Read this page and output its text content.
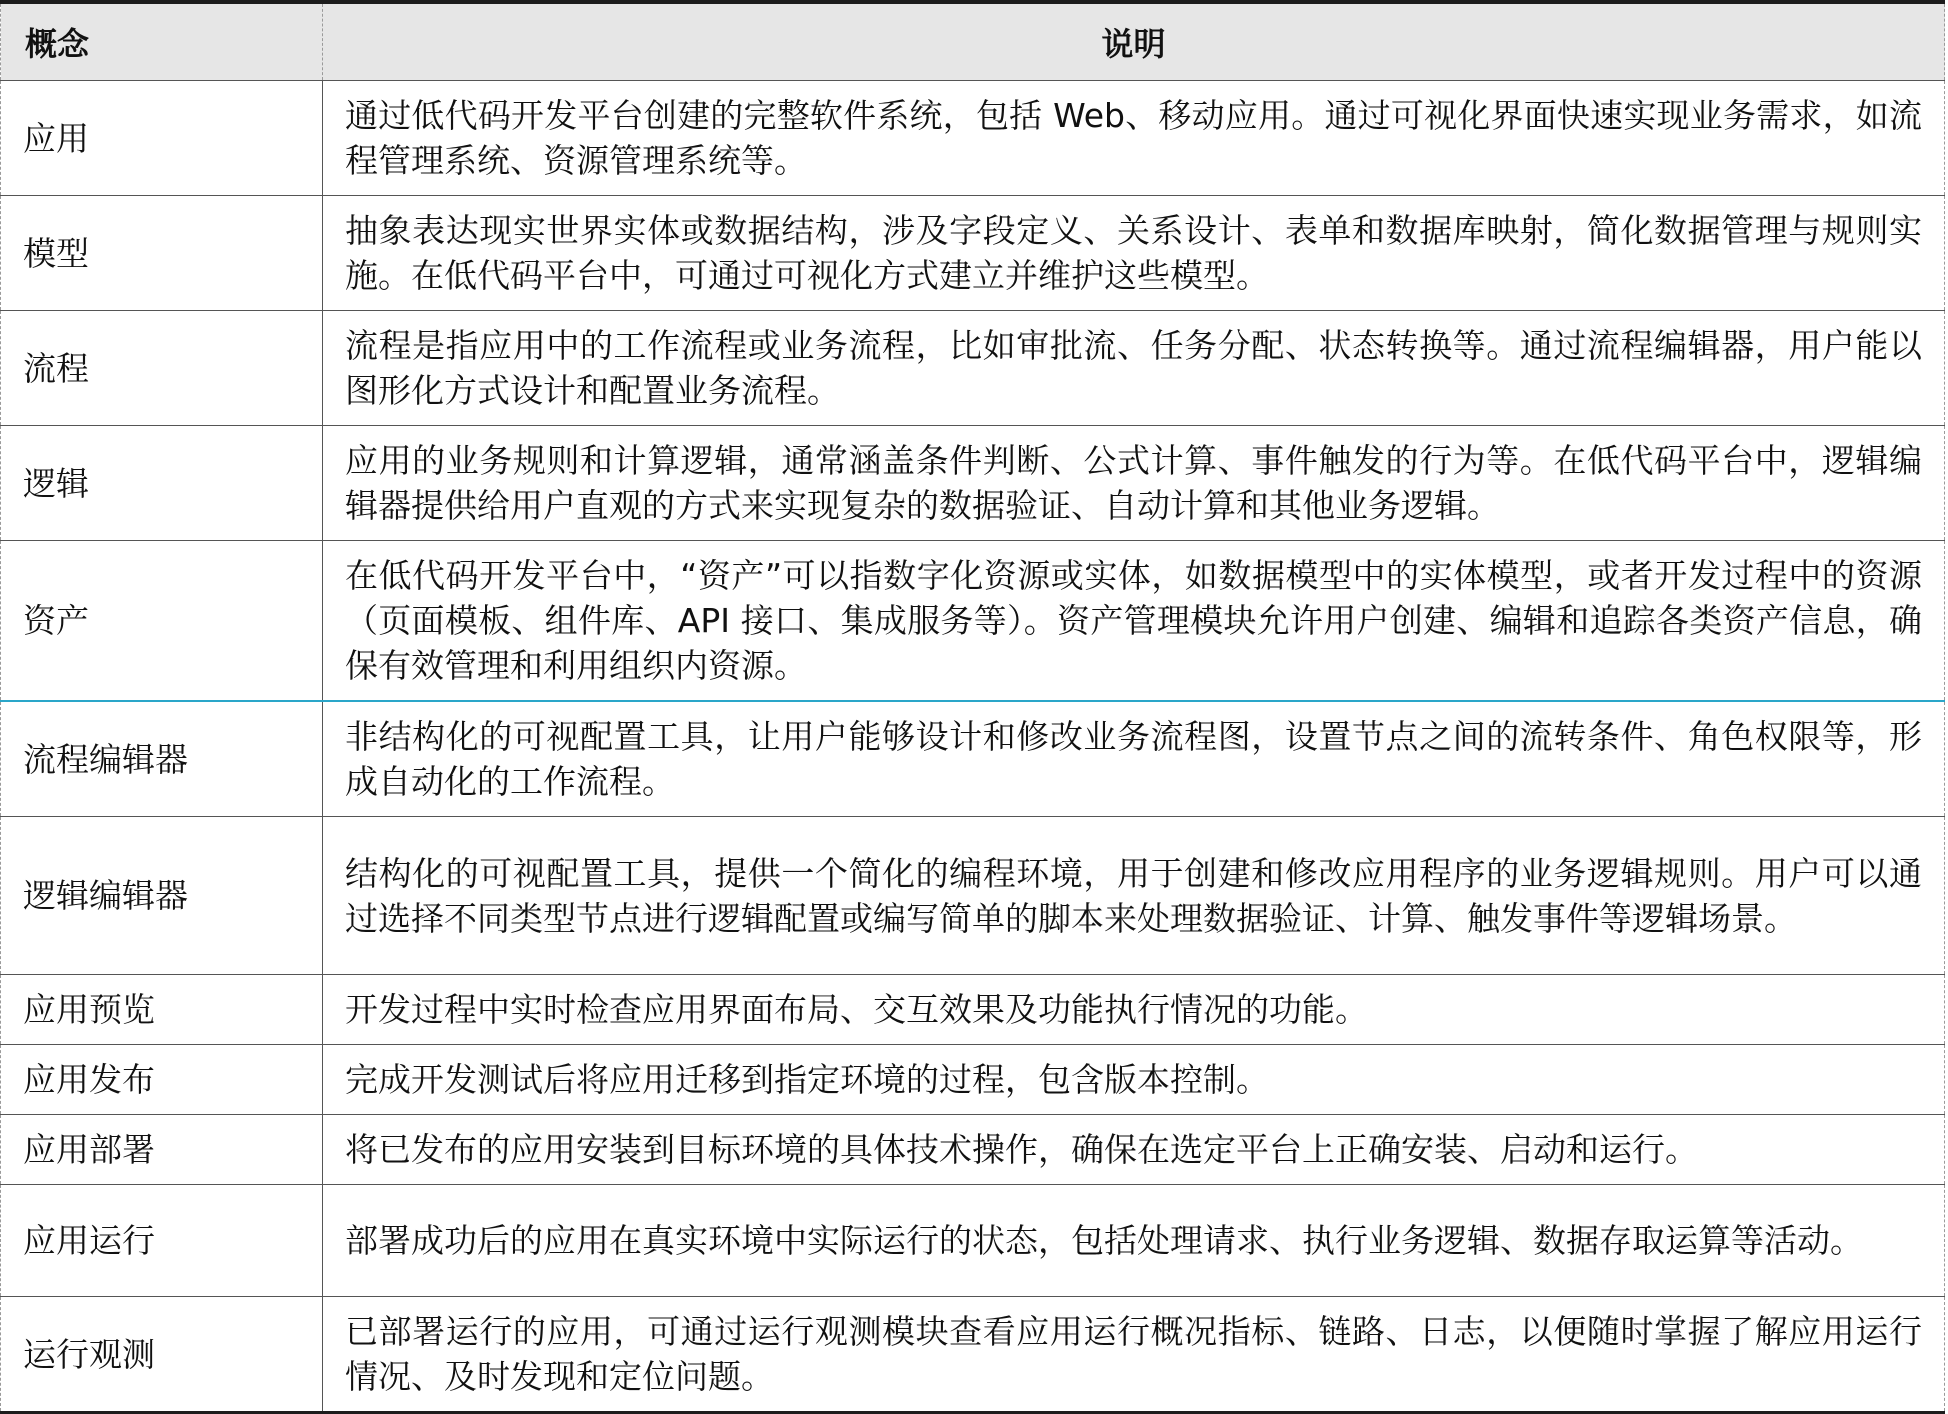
概念	说明
应用	通过低代码开发平台创建的完整软件系统，包括 Web、移动应用。通过可视化界面快速实现业务需求，如流程管理系统、资源管理系统等。
模型	抽象表达现实世界实体或数据结构，涉及字段定义、关系设计、表单和数据库映射，简化数据管理与规则实施。在低代码平台中，可通过可视化方式建立并维护这些模型。
流程	流程是指应用中的工作流程或业务流程，比如审批流、任务分配、状态转换等。通过流程编辑器，用户能以图形化方式设计和配置业务流程。
逻辑	应用的业务规则和计算逻辑，通常涵盖条件判断、公式计算、事件触发的行为等。在低代码平台中，逻辑编辑器提供给用户直观的方式来实现复杂的数据验证、自动计算和其他业务逻辑。
资产	在低代码开发平台中，“资产”可以指数字化资源或实体，如数据模型中的实体模型，或者开发过程中的资源（页面模板、组件库、API 接口、集成服务等）。资产管理模块允许用户创建、编辑和追踪各类资产信息，确保有效管理和利用组织内资源。
流程编辑器	非结构化的可视配置工具，让用户能够设计和修改业务流程图，设置节点之间的流转条件、角色权限等，形成自动化的工作流程。
逻辑编辑器	结构化的可视配置工具，提供一个简化的编程环境，用于创建和修改应用程序的业务逻辑规则。用户可以通过选择不同类型节点进行逻辑配置或编写简单的脚本来处理数据验证、计算、触发事件等逻辑场景。
应用预览	开发过程中实时检查应用界面布局、交互效果及功能执行情况的功能。
应用发布	完成开发测试后将应用迁移到指定环境的过程，包含版本控制。
应用部署	将已发布的应用安装到目标环境的具体技术操作，确保在选定平台上正确安装、启动和运行。
应用运行	部署成功后的应用在真实环境中实际运行的状态，包括处理请求、执行业务逻辑、数据存取运算等活动。
运行观测	已部署运行的应用，可通过运行观测模块查看应用运行概况指标、链路、日志，以便随时掌握了解应用运行情况、及时发现和定位问题。
